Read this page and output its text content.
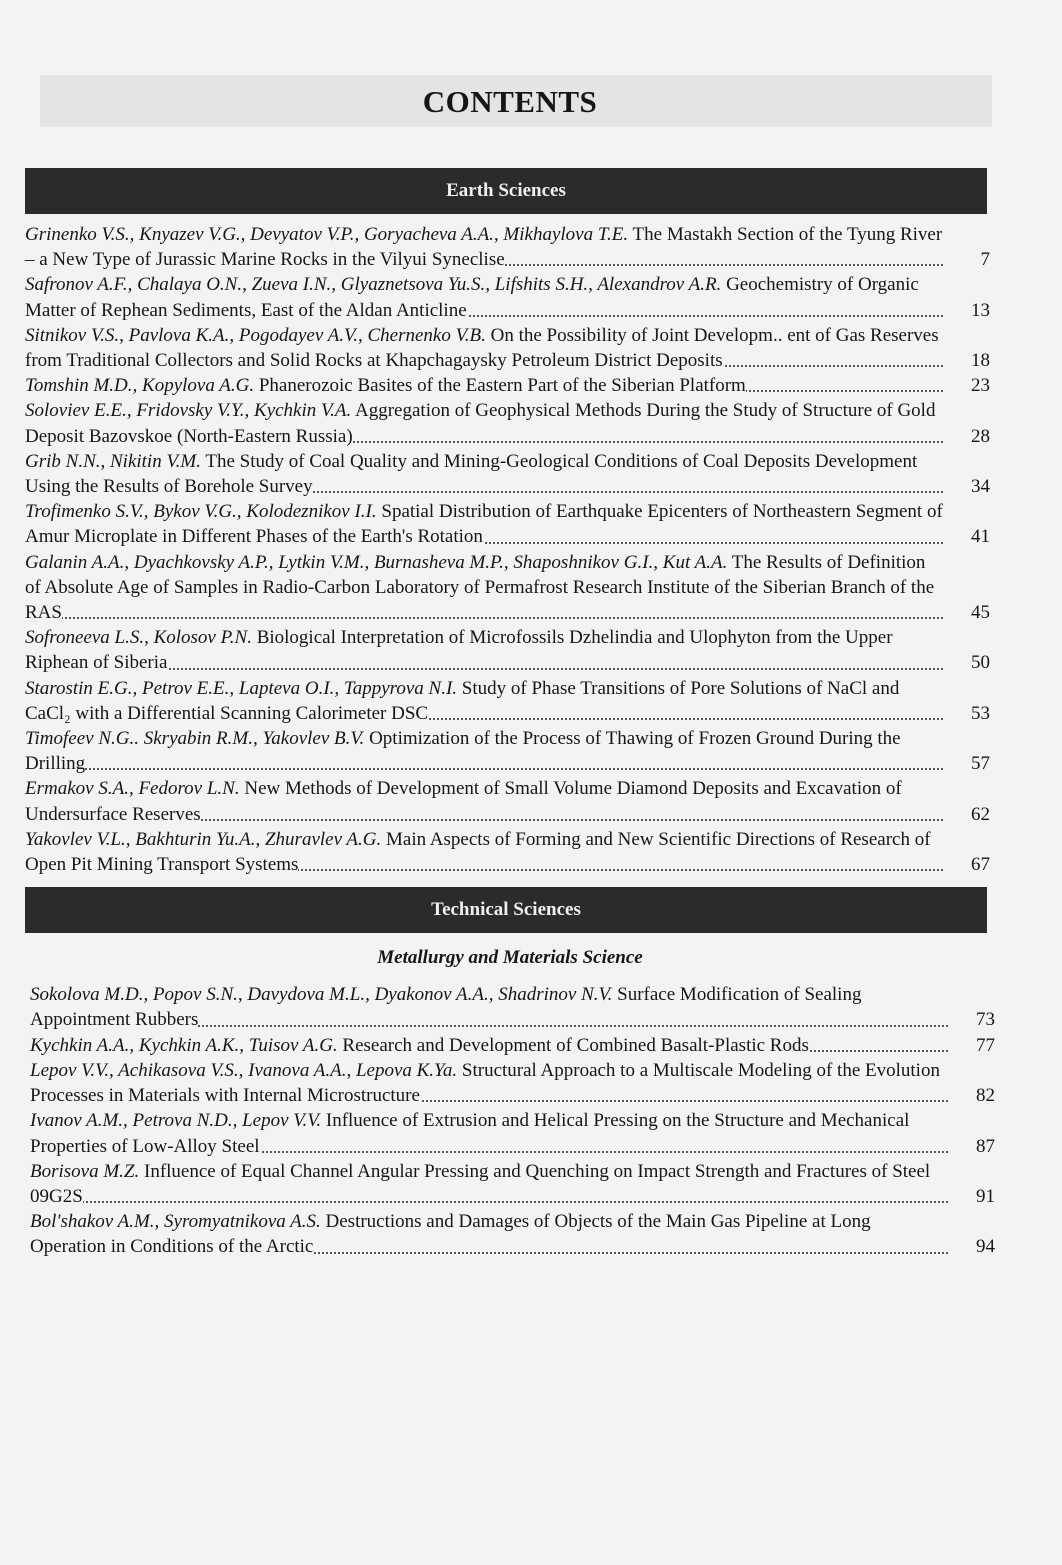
CONTENTS
Earth Sciences
Grinenko V.S., Knyazev V.G., Devyatov V.P., Goryacheva A.A., Mikhaylova T.E. The Mastakh Section of the Tyung River – a New Type of Jurassic Marine Rocks in the Vilyui Syneclise	7
Safronov A.F., Chalaya O.N., Zueva I.N., Glyaznetsova Yu.S., Lifshits S.H., Alexandrov A.R. Geochemistry of Organic Matter of Rephean Sediments, East of the Aldan Anticline	13
Sitnikov V.S., Pavlova K.A., Pogodayev A.V., Chernenko V.B. On the Possibility of Joint Developm.. ent of Gas Reserves from Traditional Collectors and Solid Rocks at Khapchagaysky Petroleum District Deposits	18
Tomshin M.D., Kopylova A.G. Phanerozoic Basites of the Eastern Part of the Siberian Platform	23
Soloviev E.E., Fridovsky V.Y., Kychkin V.A. Aggregation of Geophysical Methods During the Study of Structure of Gold Deposit Bazovskoe (North-Eastern Russia)	28
Grib N.N., Nikitin V.M. The Study of Coal Quality and Mining-Geological Conditions of Coal Deposits Development Using the Results of Borehole Survey	34
Trofimenko S.V., Bykov V.G., Kolodeznikov I.I. Spatial Distribution of Earthquake Epicenters of Northeastern Segment of Amur Microplate in Different Phases of the Earth's Rotation	41
Galanin A.A., Dyachkovsky A.P., Lytkin V.M., Burnasheva M.P., Shaposhnikov G.I., Kut A.A. The Results of Definition of Absolute Age of Samples in Radio-Carbon Laboratory of Permafrost Research Institute of the Siberian Branch of the RAS	45
Sofroneeva L.S., Kolosov P.N. Biological Interpretation of Microfossils Dzhelindia and Ulophyton from the Upper Riphean of Siberia	50
Starostin E.G., Petrov E.E., Lapteva O.I., Tappyrova N.I. Study of Phase Transitions of Pore Solutions of NaCl and CaCl₂ with a Differential Scanning Calorimeter DSC	53
Timofeev N.G.. Skryabin R.M., Yakovlev B.V. Optimization of the Process of Thawing of Frozen Ground During the Drilling	57
Ermakov S.A., Fedorov L.N. New Methods of Development of Small Volume Diamond Deposits and Excavation of Undersurface Reserves	62
Yakovlev V.L., Bakhturin Yu.A., Zhuravlev A.G. Main Aspects of Forming and New Scientific Directions of Research of Open Pit Mining Transport Systems	67
Technical Sciences
Metallurgy and Materials Science
Sokolova M.D., Popov S.N., Davydova M.L., Dyakonov A.A., Shadrinov N.V. Surface Modification of Sealing Appointment Rubbers	73
Kychkin A.A., Kychkin A.K., Tuisov A.G. Research and Development of Combined Basalt-Plastic Rods	77
Lepov V.V., Achikasova V.S., Ivanova A.A., Lepova K.Ya. Structural Approach to a Multiscale Modeling of the Evolution Processes in Materials with Internal Microstructure	82
Ivanov A.M., Petrova N.D., Lepov V.V. Influence of Extrusion and Helical Pressing on the Structure and Mechanical Properties of Low-Alloy Steel	87
Borisova M.Z. Influence of Equal Channel Angular Pressing and Quenching on Impact Strength and Fractures of Steel 09G2S	91
Bol'shakov A.M., Syromyatnikova A.S. Destructions and Damages of Objects of the Main Gas Pipeline at Long Operation in Conditions of the Arctic	94
